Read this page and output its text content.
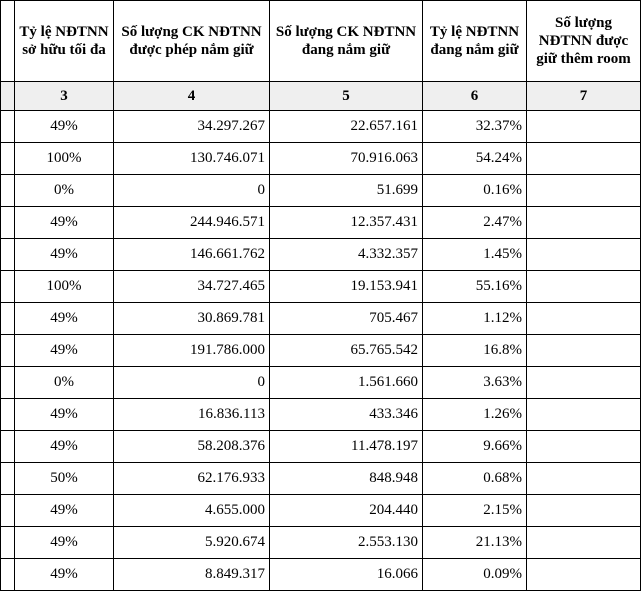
	Tỷ lệ NĐTNN sở hữu tối đa	Số lượng CK NĐTNN được phép nắm giữ	Số lượng CK NĐTNN đang nắm giữ	Tỷ lệ NĐTNN đang nắm giữ	Số lượng NĐTNN được giữ thêm room
	3	4	5	6	7
	49%	34.297.267	22.657.161	32.37%	
	100%	130.746.071	70.916.063	54.24%	
	0%	0	51.699	0.16%	
	49%	244.946.571	12.357.431	2.47%	
	49%	146.661.762	4.332.357	1.45%	
	100%	34.727.465	19.153.941	55.16%	
	49%	30.869.781	705.467	1.12%	
	49%	191.786.000	65.765.542	16.8%	
	0%	0	1.561.660	3.63%	
	49%	16.836.113	433.346	1.26%	
	49%	58.208.376	11.478.197	9.66%	
	50%	62.176.933	848.948	0.68%	
	49%	4.655.000	204.440	2.15%	
	49%	5.920.674	2.553.130	21.13%	
	49%	8.849.317	16.066	0.09%	
